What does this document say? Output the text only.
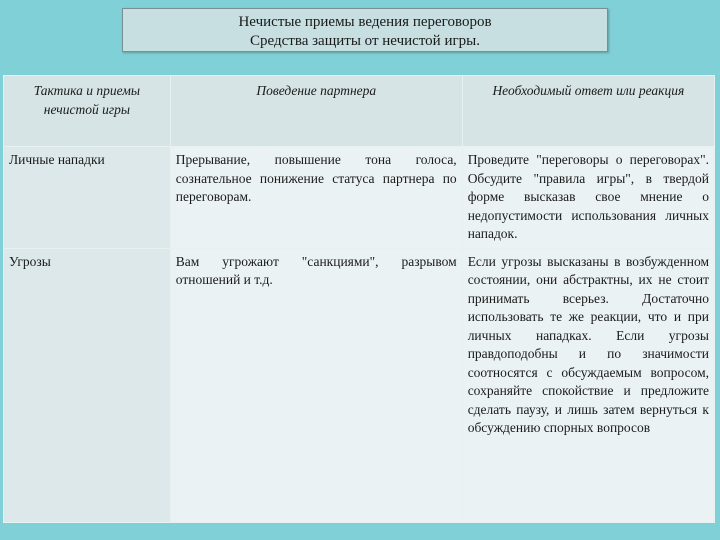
Нечистые приемы ведения переговоров
Средства защиты от нечистой игры.
Тактика и приемы нечистой игры	Поведение партнера	Необходимый ответ или реакция
Личные нападки	Прерывание, повышение тона голоса, сознательное понижение статуса партнера по переговорам.	Проведите "переговоры о переговорах". Обсудите "правила игры", в твердой форме высказав свое мнение о недопустимости использования личных нападок.
Угрозы	Вам угрожают "санкциями", разрывом отношений и т.д.	Если угрозы высказаны в возбужденном состоянии, они абстрактны, их не стоит принимать всерьез. Достаточно использовать те же реакции, что и при личных нападках. Если угрозы правдоподобны и по значимости соотносятся с обсуждаемым вопросом, сохраняйте спокойствие и предложите сделать паузу, и лишь затем вернуться к обсуждению спорных вопросов
